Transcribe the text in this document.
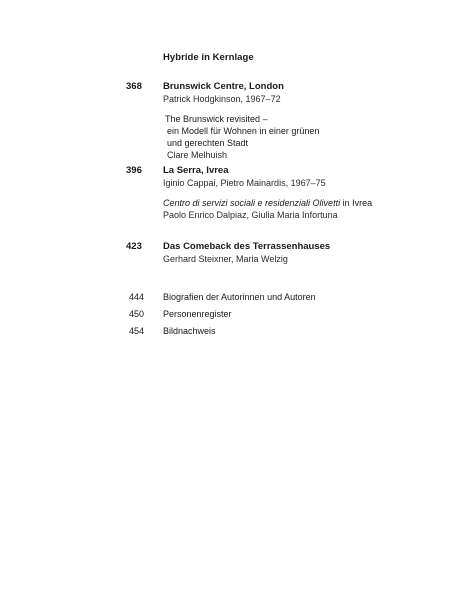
Hybride in Kernlage
368	Brunswick Centre, London
Patrick Hodgkinson, 1967–72
The Brunswick revisited –
ein Modell für Wohnen in einer grünen
und gerechten Stadt
Clare Melhuish
396	La Serra, Ivrea
Iginio Cappai, Pietro Mainardis, 1967–75
Centro di servizi sociali e residenziali Olivetti in Ivrea
Paolo Enrico Dalpiaz, Giulia Maria Infortuna
423	Das Comeback des Terrassenhauses
Gerhard Steixner, Maria Welzig
444	Biografien der Autorinnen und Autoren
450	Personenregister
454	Bildnachweis
